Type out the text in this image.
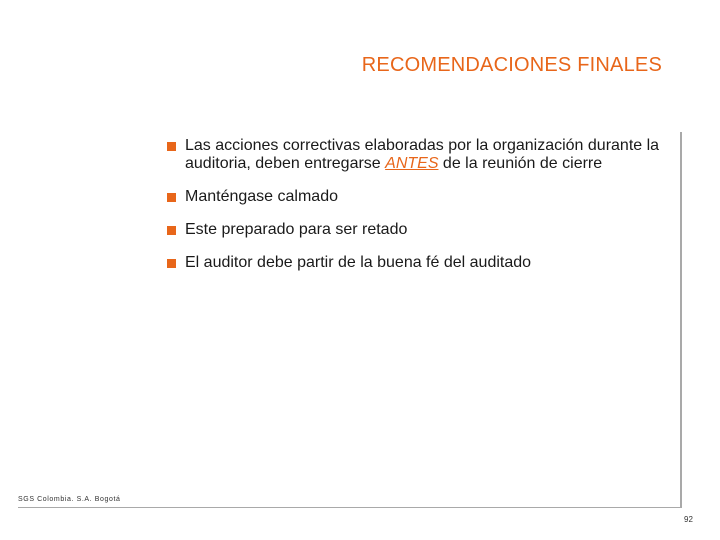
RECOMENDACIONES FINALES
Las acciones correctivas elaboradas por la organización durante la auditoria, deben entregarse ANTES de la reunión de cierre
Manténgase calmado
Este preparado para ser retado
El auditor debe partir de la buena fé del auditado
SGS Colombia. S.A. Bogotá
92
